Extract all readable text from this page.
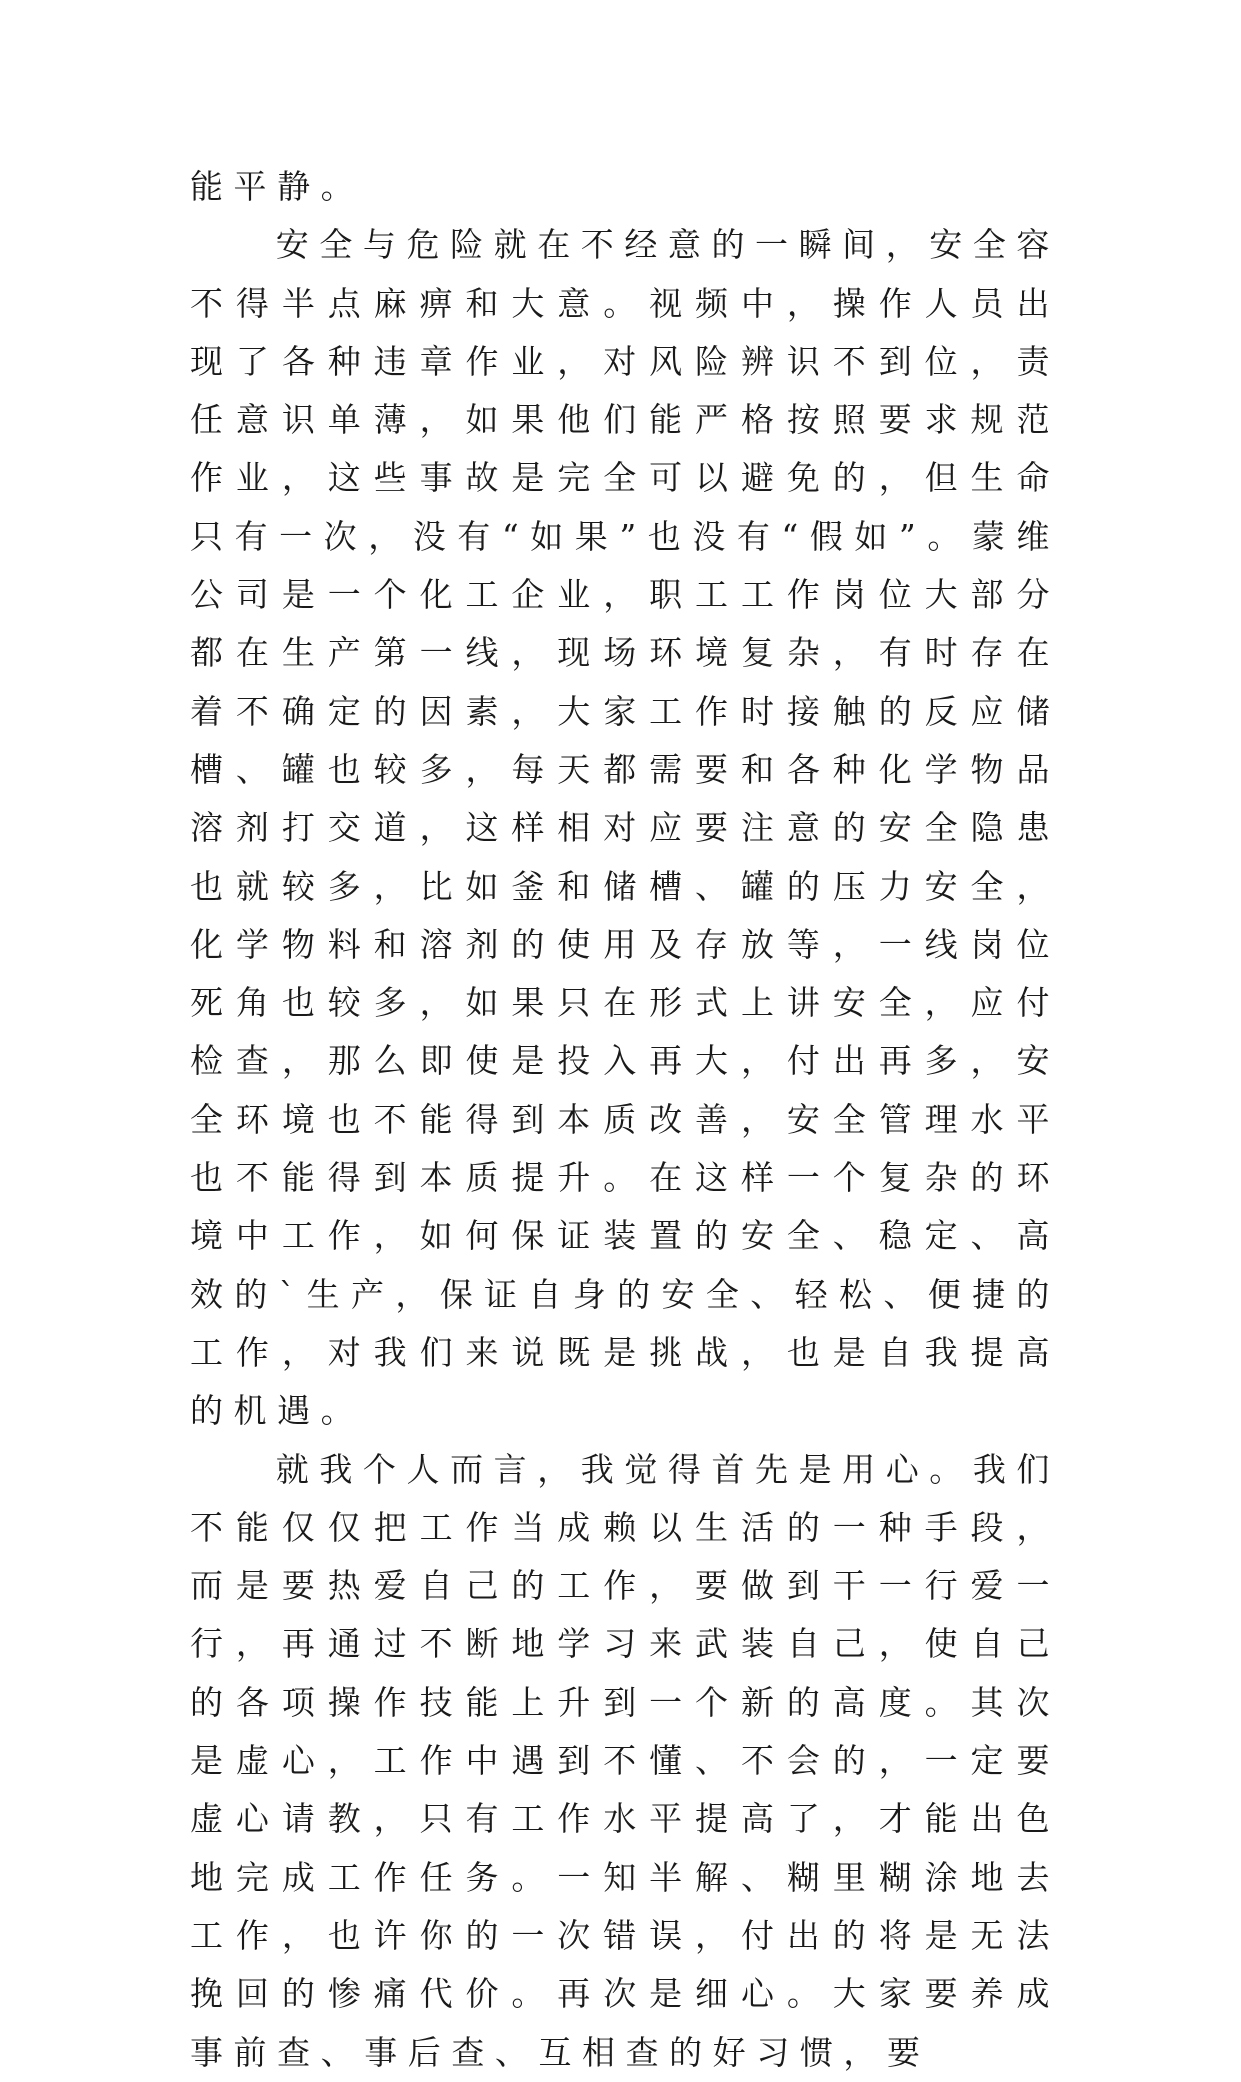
能平静。

安全与危险就在不经意的一瞬间，安全容不得半点麻痹和大意。视频中，操作人员出现了各种违章作业，对风险辨识不到位，责任意识单薄，如果他们能严格按照要求规范作业，这些事故是完全可以避免的，但生命只有一次，没有“如果”也没有“假如”。蒙维公司是一个化工企业，职工工作岗位大部分都在生产第一线，现场环境复杂，有时存在着不确定的因素，大家工作时接触的反应储槽、罐也较多，每天都需要和各种化学物品溶剂打交道，这样相对应要注意的安全隐患也就较多，比如釜和储槽、罐的压力安全，化学物料和溶剂的使用及存放等，一线岗位死角也较多，如果只在形式上讲安全，应付检查，那么即使是投入再大，付出再多，安全环境也不能得到本质改善，安全管理水平也不能得到本质提升。在这样一个复杂的环境中工作，如何保证装置的安全、稳定、高效的`生产，保证自身的安全、轻松、便捷的工作，对我们来说既是挑战，也是自我提高的机遇。

就我个人而言，我觉得首先是用心。我们不能仅仅把工作当成赖以生活的一种手段，而是要热爱自己的工作，要做到干一行爱一行，再通过不断地学习来武装自己，使自己的各项操作技能上升到一个新的高度。其次是虚心，工作中遇到不懂、不会的，一定要虚心请教，只有工作水平提高了，才能出色地完成工作任务。一知半解、糊里糊涂地去工作，也许你的一次错误，付出的将是无法挽回的惨痛代价。再次是细心。大家要养成事前查、事后查、互相查的好习惯，要
